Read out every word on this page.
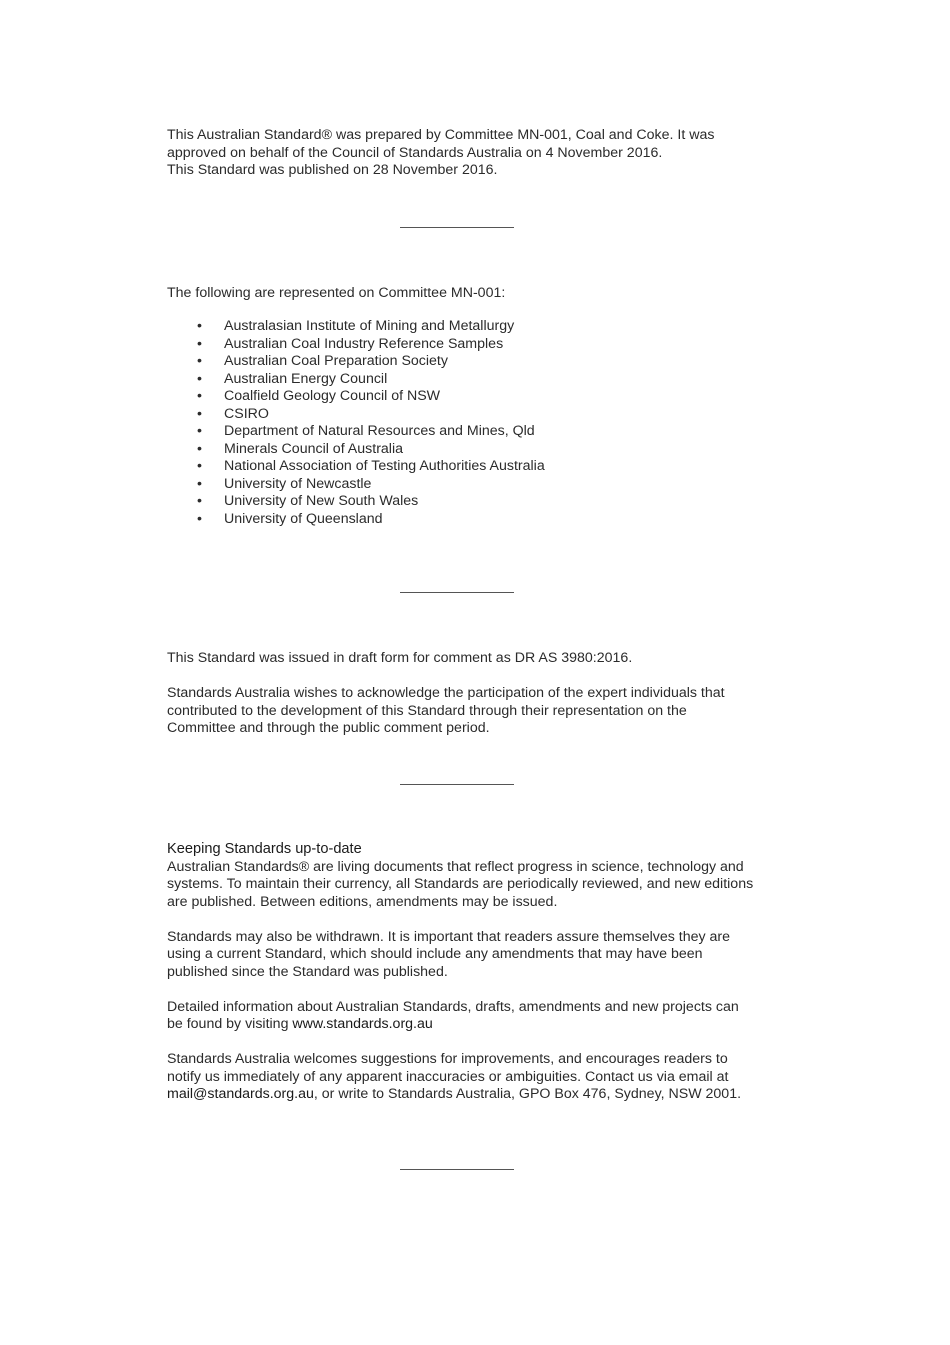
This Australian Standard® was prepared by Committee MN-001, Coal and Coke. It was

approved on behalf of the Council of Standards Australia on 4 November 2016.

This Standard was published on 28 November 2016.

The following are represented on Committee MN-001:

• Australasian Institute of Mining and Metallurgy
• Australian Coal Industry Reference Samples
• Australian Coal Preparation Society
• Australian Energy Council
• Coalfield Geology Council of NSW
• CSIRO
• Department of Natural Resources and Mines, Qld
• Minerals Council of Australia
• National Association of Testing Authorities Australia
• University of Newcastle
• University of New South Wales
• University of Queensland

This Standard was issued in draft form for comment as DR AS 3980:2016.

Standards Australia wishes to acknowledge the participation of the expert individuals that

contributed to the development of this Standard through their representation on the

Committee and through the public comment period.

Keeping Standards up-to-date

Australian Standards® are living documents that reflect progress in science, technology and

systems. To maintain their currency, all Standards are periodically reviewed, and new editions

are published. Between editions, amendments may be issued.

Standards may also be withdrawn. It is important that readers assure themselves they are

using a current Standard, which should include any amendments that may have been

published since the Standard was published.

Detailed information about Australian Standards, drafts, amendments and new projects can

be found by visiting www.standards.org.au

Standards Australia welcomes suggestions for improvements, and encourages readers to

notify us immediately of any apparent inaccuracies or ambiguities. Contact us via email at

mail@standards.org.au, or write to Standards Australia, GPO Box 476, Sydney, NSW 2001.
